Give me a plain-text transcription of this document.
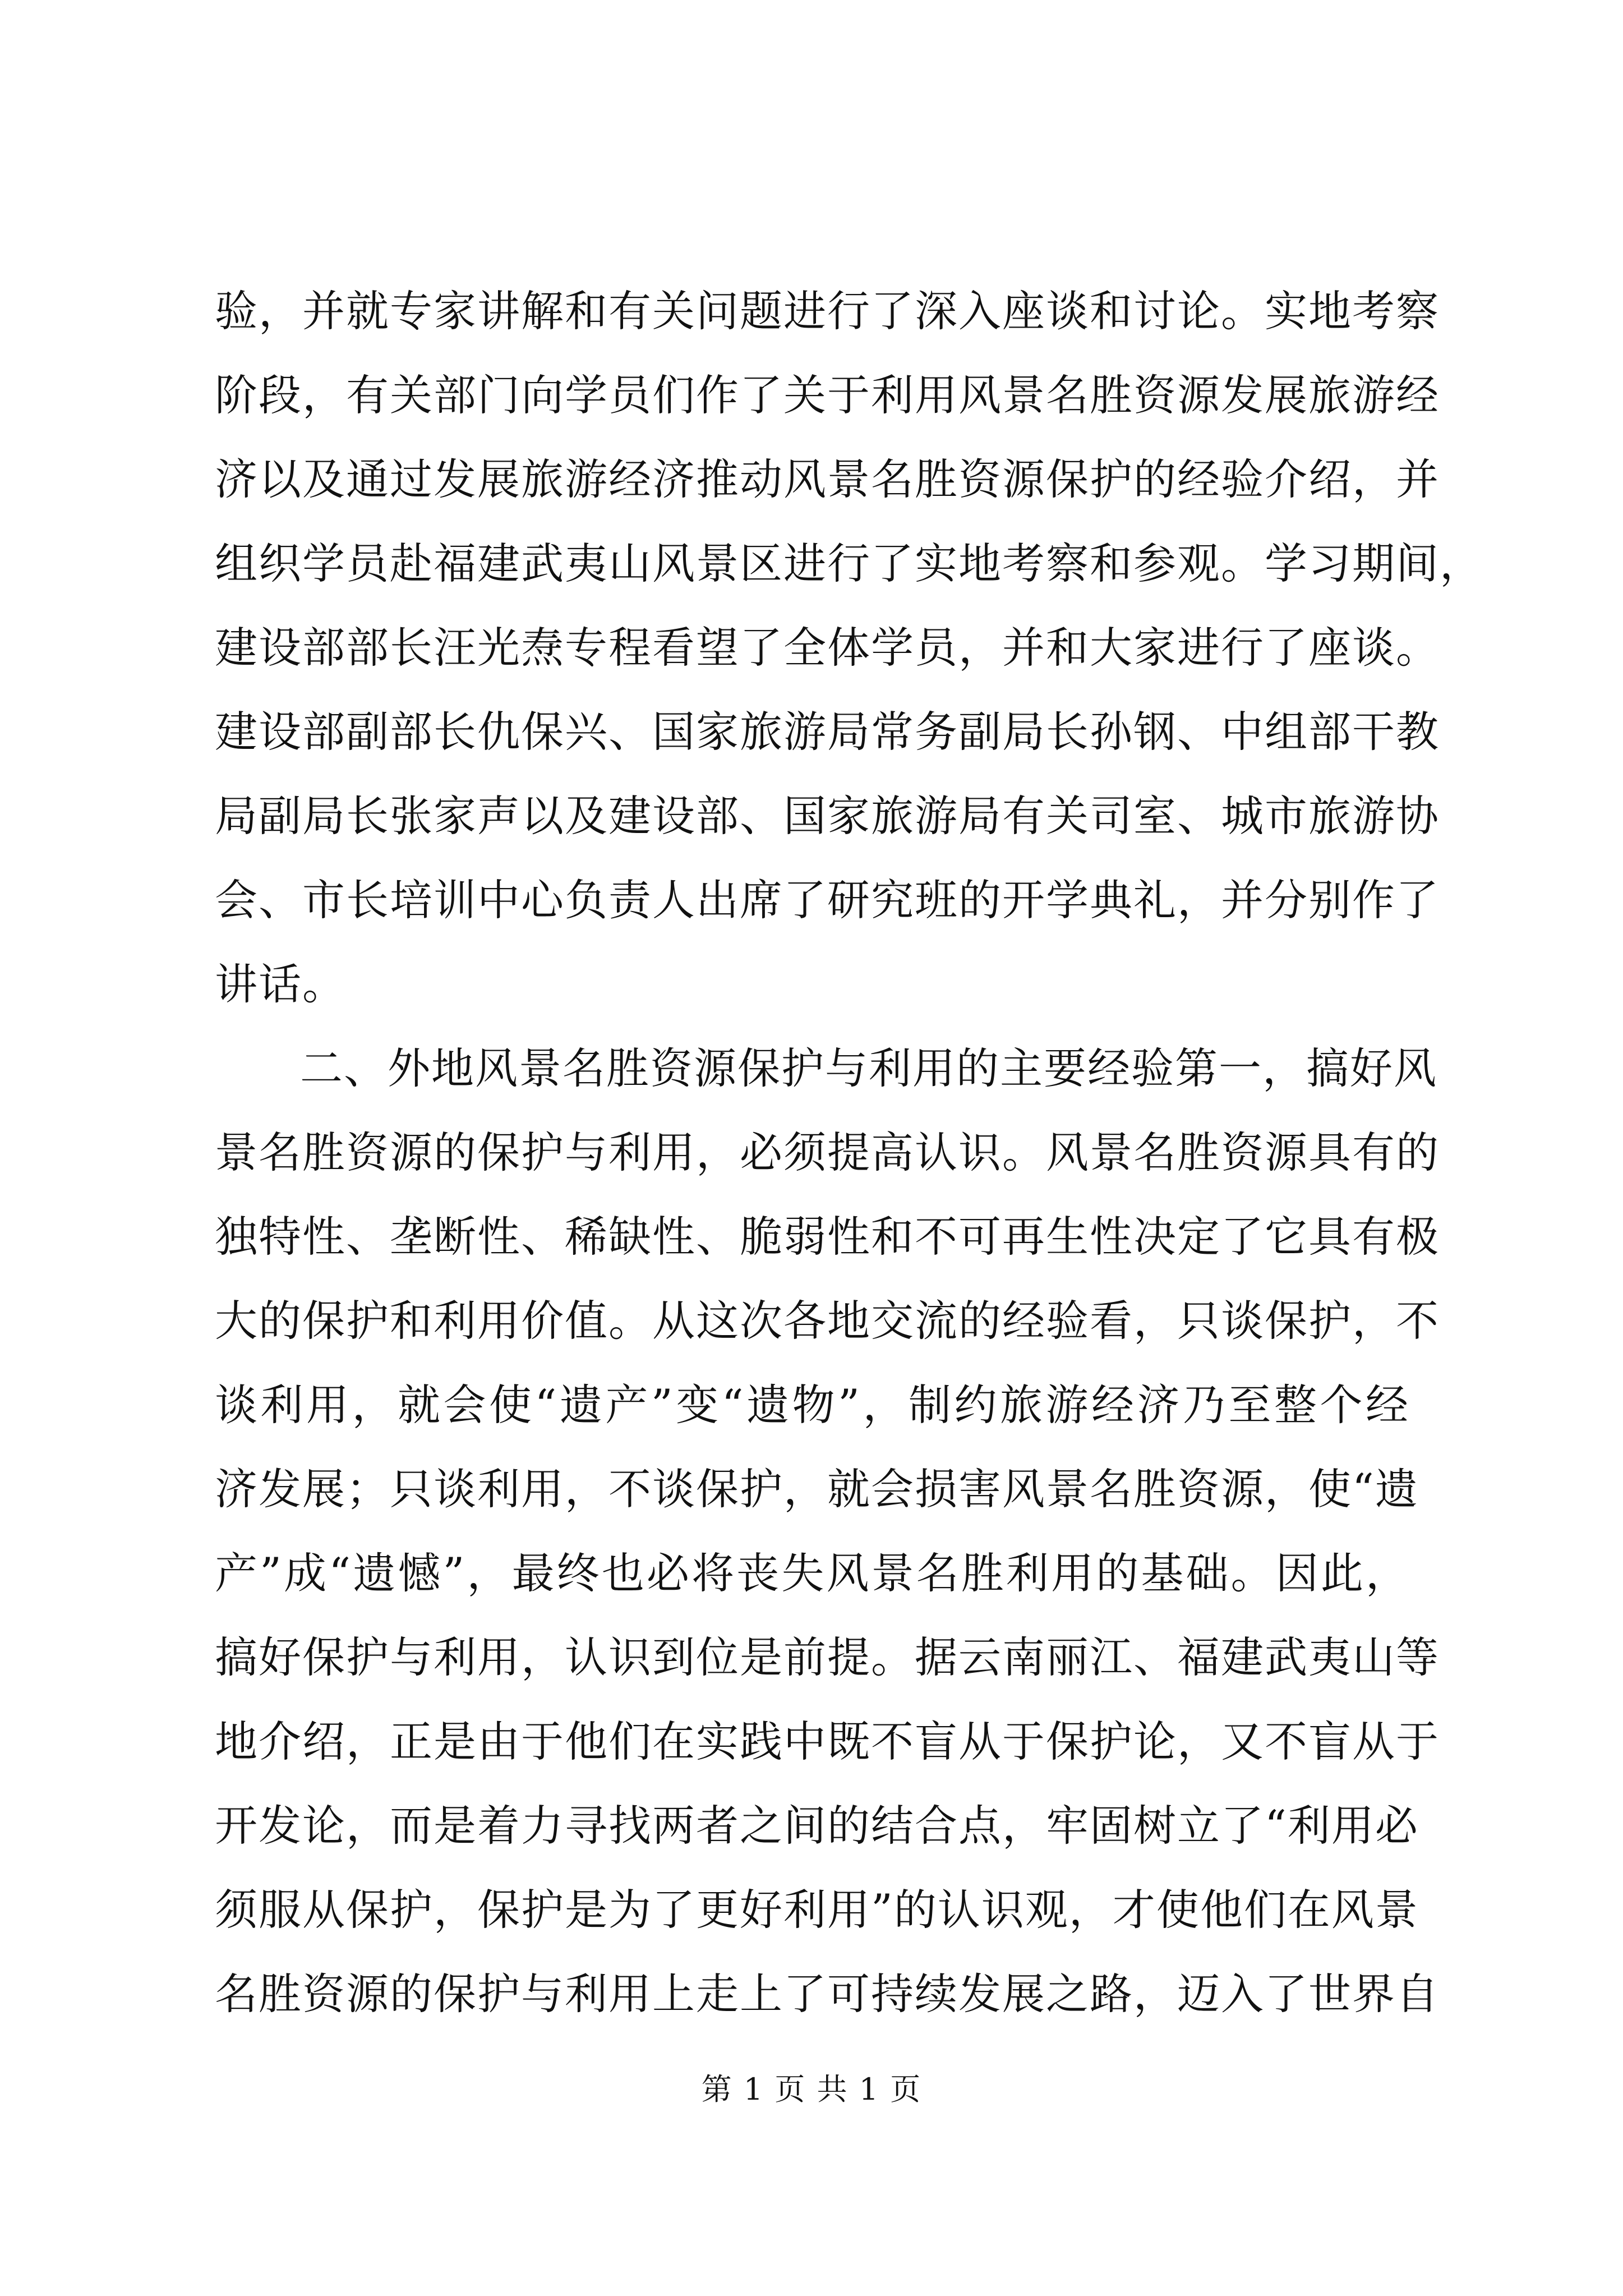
验，并就专家讲解和有关问题进行了深入座谈和讨论。实地考察
阶段，有关部门向学员们作了关于利用风景名胜资源发展旅游经
济以及通过发展旅游经济推动风景名胜资源保护的经验介绍，并
组织学员赴福建武夷山风景区进行了实地考察和参观。学习期间，
建设部部长汪光焘专程看望了全体学员，并和大家进行了座谈。
建设部副部长仇保兴、国家旅游局常务副局长孙钢、中组部干教
局副局长张家声以及建设部、国家旅游局有关司室、城市旅游协
会、市长培训中心负责人出席了研究班的开学典礼，并分别作了
讲话。
二、外地风景名胜资源保护与利用的主要经验第一，搞好风
景名胜资源的保护与利用，必须提高认识。风景名胜资源具有的
独特性、垄断性、稀缺性、脆弱性和不可再生性决定了它具有极
大的保护和利用价值。从这次各地交流的经验看，只谈保护，不
谈利用，就会使“遗产”变“遗物”，制约旅游经济乃至整个经
济发展；只谈利用，不谈保护，就会损害风景名胜资源，使“遗
产”成“遗憾”，最终也必将丧失风景名胜利用的基础。因此，
搞好保护与利用，认识到位是前提。据云南丽江、福建武夷山等
地介绍，正是由于他们在实践中既不盲从于保护论，又不盲从于
开发论，而是着力寻找两者之间的结合点，牢固树立了“利用必
须服从保护，保护是为了更好利用”的认识观，才使他们在风景
名胜资源的保护与利用上走上了可持续发展之路，迈入了世界自
第 1 页 共 1 页
